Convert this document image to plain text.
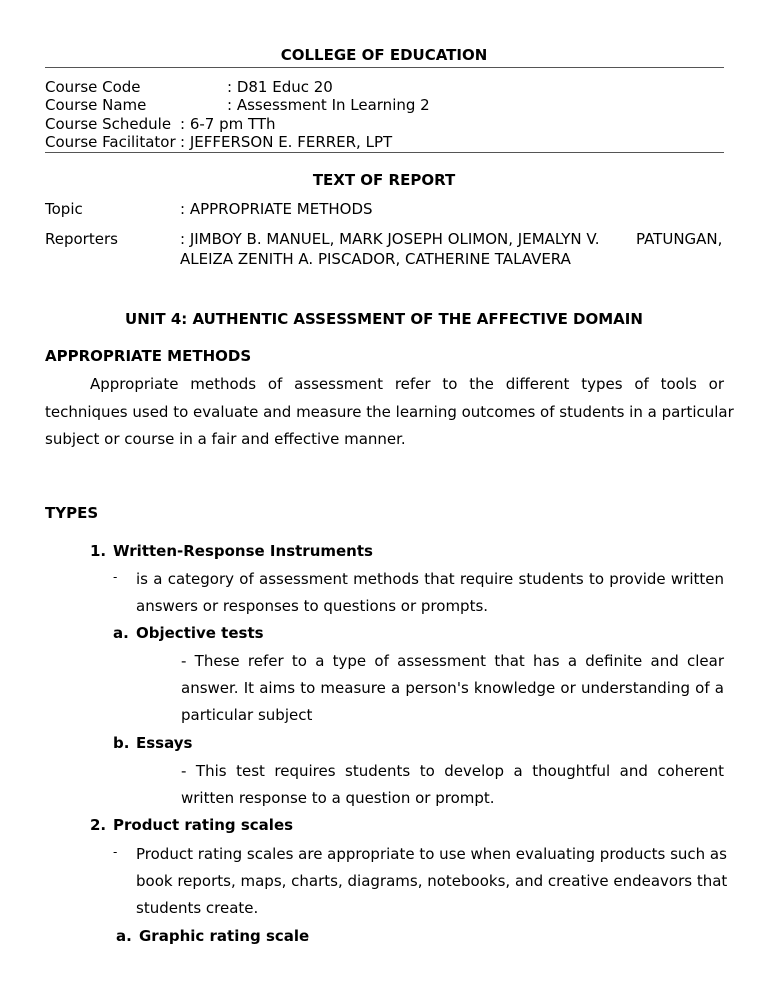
COLLEGE OF EDUCATION
Course Code	: D81 Educ 20
Course Name	: Assessment In Learning 2
Course Schedule : 6-7 pm TTh
Course Facilitator : JEFFERSON E. FERRER, LPT
TEXT OF REPORT
Topic	: APPROPRIATE METHODS
Reporters	: JIMBOY B. MANUEL, MARK JOSEPH OLIMON, JEMALYN V. PATUNGAN,
ALEIZA ZENITH A. PISCADOR, CATHERINE TALAVERA
UNIT 4: AUTHENTIC ASSESSMENT OF THE AFFECTIVE DOMAIN
APPROPRIATE METHODS
Appropriate methods of assessment refer to the different types of tools or
techniques used to evaluate and measure the learning outcomes of students in a particular
subject or course in a fair and effective manner.
TYPES
1. Written-Response Instruments
- is a category of assessment methods that require students to provide written
answers or responses to questions or prompts.
a. Objective tests
- These refer to a type of assessment that has a definite and clear
answer. It aims to measure a person's knowledge or understanding of a
particular subject
b. Essays
- This test requires students to develop a thoughtful and coherent
written response to a question or prompt.
2. Product rating scales
- Product rating scales are appropriate to use when evaluating products such as
book reports, maps, charts, diagrams, notebooks, and creative endeavors that
students create.
a. Graphic rating scale
